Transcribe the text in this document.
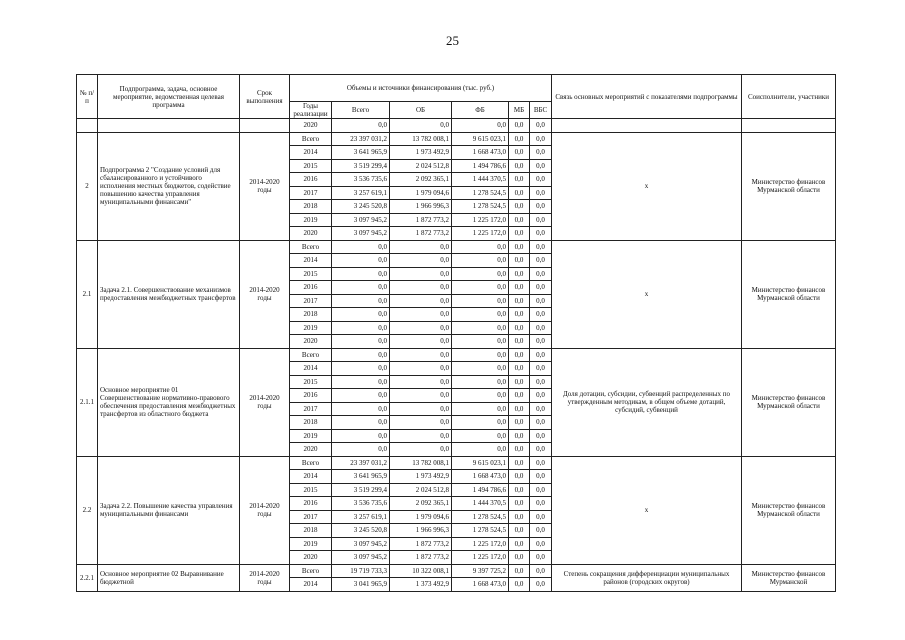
25
№ п/п	Подпрограмма, задача, основное мероприятие, ведомственная целевая программа	Срок выполнения	Объемы и источники финансирования (тыс. руб.)						Связь основных мероприятий с показателями подпрограммы	Соисполнители, участники
			Годы реализации	Всего	ОБ	ФБ	МБ	ВБС		
			2020	0,0	0,0	0,0	0,0	0,0		
2	Подпрограмма 2 "Создание условий для сбалансированного и устойчивого исполнения местных бюджетов, содействие повышению качества управления муниципальными финансами"	2014-2020 годы	Всего	23 397 031,2	13 782 008,1	9 615 023,1	0,0	0,0	х	Министерство финансов Мурманской области
			2014	3 641 965,9	1 973 492,9	1 668 473,0	0,0	0,0		
			2015	3 519 299,4	2 024 512,8	1 494 786,6	0,0	0,0		
			2016	3 536 735,6	2 092 365,1	1 444 370,5	0,0	0,0		
			2017	3 257 619,1	1 979 094,6	1 278 524,5	0,0	0,0		
			2018	3 245 520,8	1 966 996,3	1 278 524,5	0,0	0,0		
			2019	3 097 945,2	1 872 773,2	1 225 172,0	0,0	0,0		
			2020	3 097 945,2	1 872 773,2	1 225 172,0	0,0	0,0		
2.1	Задача 2.1. Совершенствование механизмов предоставления межбюджетных трансфертов	2014-2020 годы	Всего	0,0	0,0	0,0	0,0	0,0	х	Министерство финансов Мурманской области
			2014	0,0	0,0	0,0	0,0	0,0		
			2015	0,0	0,0	0,0	0,0	0,0		
			2016	0,0	0,0	0,0	0,0	0,0		
			2017	0,0	0,0	0,0	0,0	0,0		
			2018	0,0	0,0	0,0	0,0	0,0		
			2019	0,0	0,0	0,0	0,0	0,0		
			2020	0,0	0,0	0,0	0,0	0,0		
2.1.1	Основное мероприятие 01 Совершенствование нормативно-правового обеспечения предоставления межбюджетных трансфертов из областного бюджета	2014-2020 годы	Всего	0,0	0,0	0,0	0,0	0,0	Доля дотации, субсидии, субвенций распределенных по утвержденным методикам, в общем объеме дотаций, субсидий, субвенций	Министерство финансов Мурманской области
			2014	0,0	0,0	0,0	0,0	0,0		
			2015	0,0	0,0	0,0	0,0	0,0		
			2016	0,0	0,0	0,0	0,0	0,0		
			2017	0,0	0,0	0,0	0,0	0,0		
			2018	0,0	0,0	0,0	0,0	0,0		
			2019	0,0	0,0	0,0	0,0	0,0		
			2020	0,0	0,0	0,0	0,0	0,0		
2.2	Задача 2.2. Повышение качества управления муниципальными финансами	2014-2020 годы	Всего	23 397 031,2	13 782 008,1	9 615 023,1	0,0	0,0	х	Министерство финансов Мурманской области
			2014	3 641 965,9	1 973 492,9	1 668 473,0	0,0	0,0		
			2015	3 519 299,4	2 024 512,8	1 494 786,6	0,0	0,0		
			2016	3 536 735,6	2 092 365,1	1 444 370,5	0,0	0,0		
			2017	3 257 619,1	1 979 094,6	1 278 524,5	0,0	0,0		
			2018	3 245 520,8	1 966 996,3	1 278 524,5	0,0	0,0		
			2019	3 097 945,2	1 872 773,2	1 225 172,0	0,0	0,0		
			2020	3 097 945,2	1 872 773,2	1 225 172,0	0,0	0,0		
2.2.1	Основное мероприятие 02 Выравнивание бюджетной	2014-2020 годы	Всего	19 719 733,3	10 322 008,1	9 397 725,2	0,0	0,0	Степень сокращения дифференциации муниципальных районов (городских округов)	Министерство финансов Мурманской
			2014	3 041 965,9	1 373 492,9	1 668 473,0	0,0	0,0		
